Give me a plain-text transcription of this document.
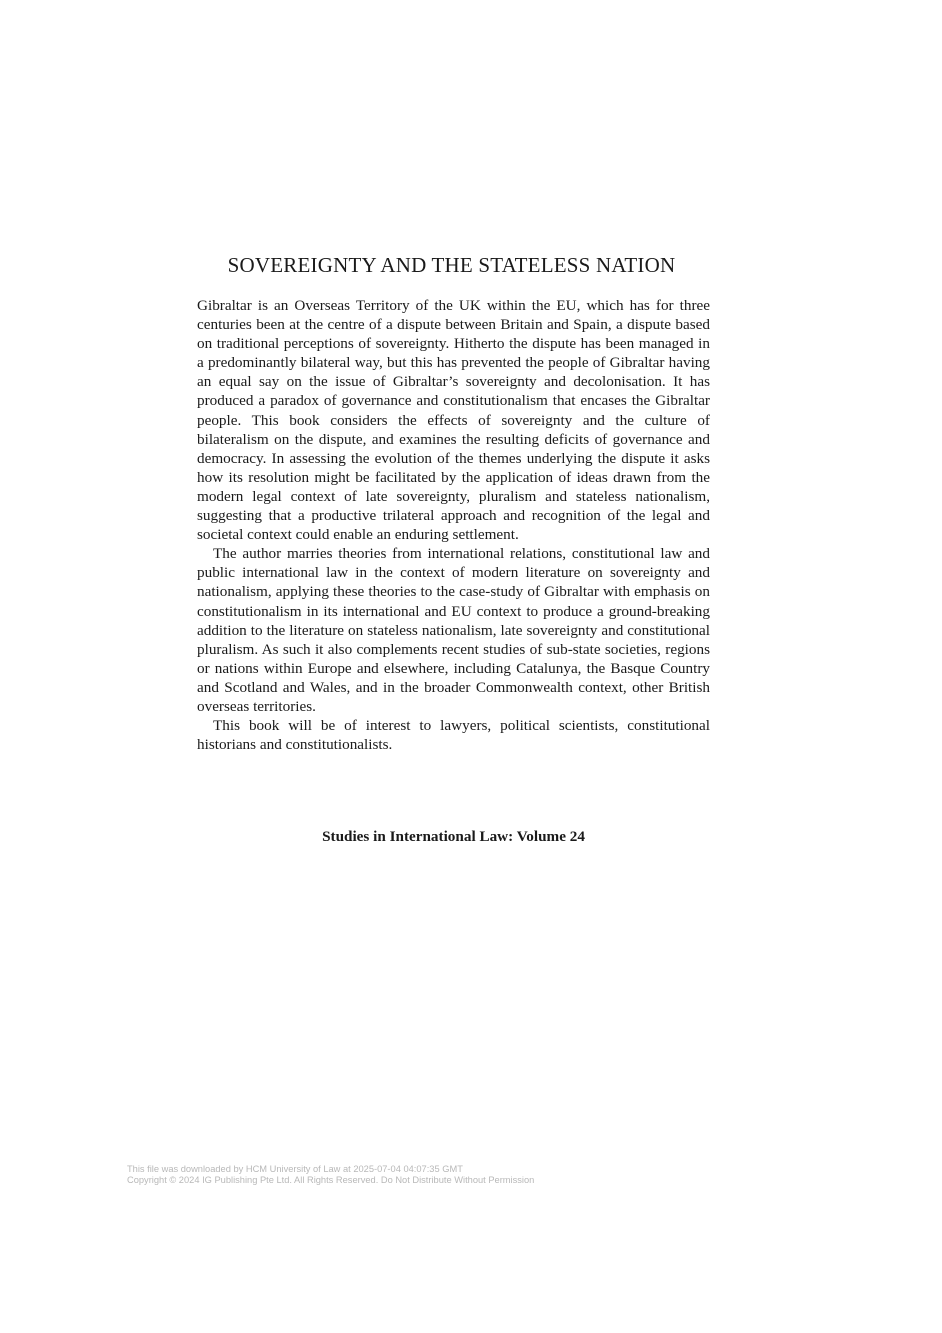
SOVEREIGNTY AND THE STATELESS NATION

Gibraltar is an Overseas Territory of the UK within the EU, which has for three centuries been at the centre of a dispute between Britain and Spain, a dispute based on traditional perceptions of sovereignty. Hitherto the dispute has been managed in a predominantly bilateral way, but this has prevented the people of Gibraltar having an equal say on the issue of Gibraltar’s sovereignty and decolonisation. It has produced a paradox of governance and constitutionalism that encases the Gibraltar people. This book considers the effects of sovereignty and the culture of bilateralism on the dispute, and examines the resulting deficits of governance and democracy. In assessing the evolution of the themes underlying the dispute it asks how its resolution might be facilitated by the application of ideas drawn from the modern legal context of late sovereignty, pluralism and stateless nationalism, suggesting that a productive trilateral approach and recognition of the legal and societal context could enable an enduring settlement.

The author marries theories from international relations, constitutional law and public international law in the context of modern literature on sovereignty and nationalism, applying these theories to the case-study of Gibraltar with emphasis on constitutionalism in its international and EU context to produce a ground-breaking addition to the literature on stateless nationalism, late sovereignty and constitutional pluralism. As such it also complements recent studies of sub-state societies, regions or nations within Europe and elsewhere, including Catalunya, the Basque Country and Scotland and Wales, and in the broader Commonwealth context, other British overseas territories.

This book will be of interest to lawyers, political scientists, constitutional historians and constitutionalists.

Studies in International Law: Volume 24
This file was downloaded by HCM University of Law at 2025-07-04 04:07:35 GMT
Copyright © 2024 IG Publishing Pte Ltd. All Rights Reserved. Do Not Distribute Without Permission
